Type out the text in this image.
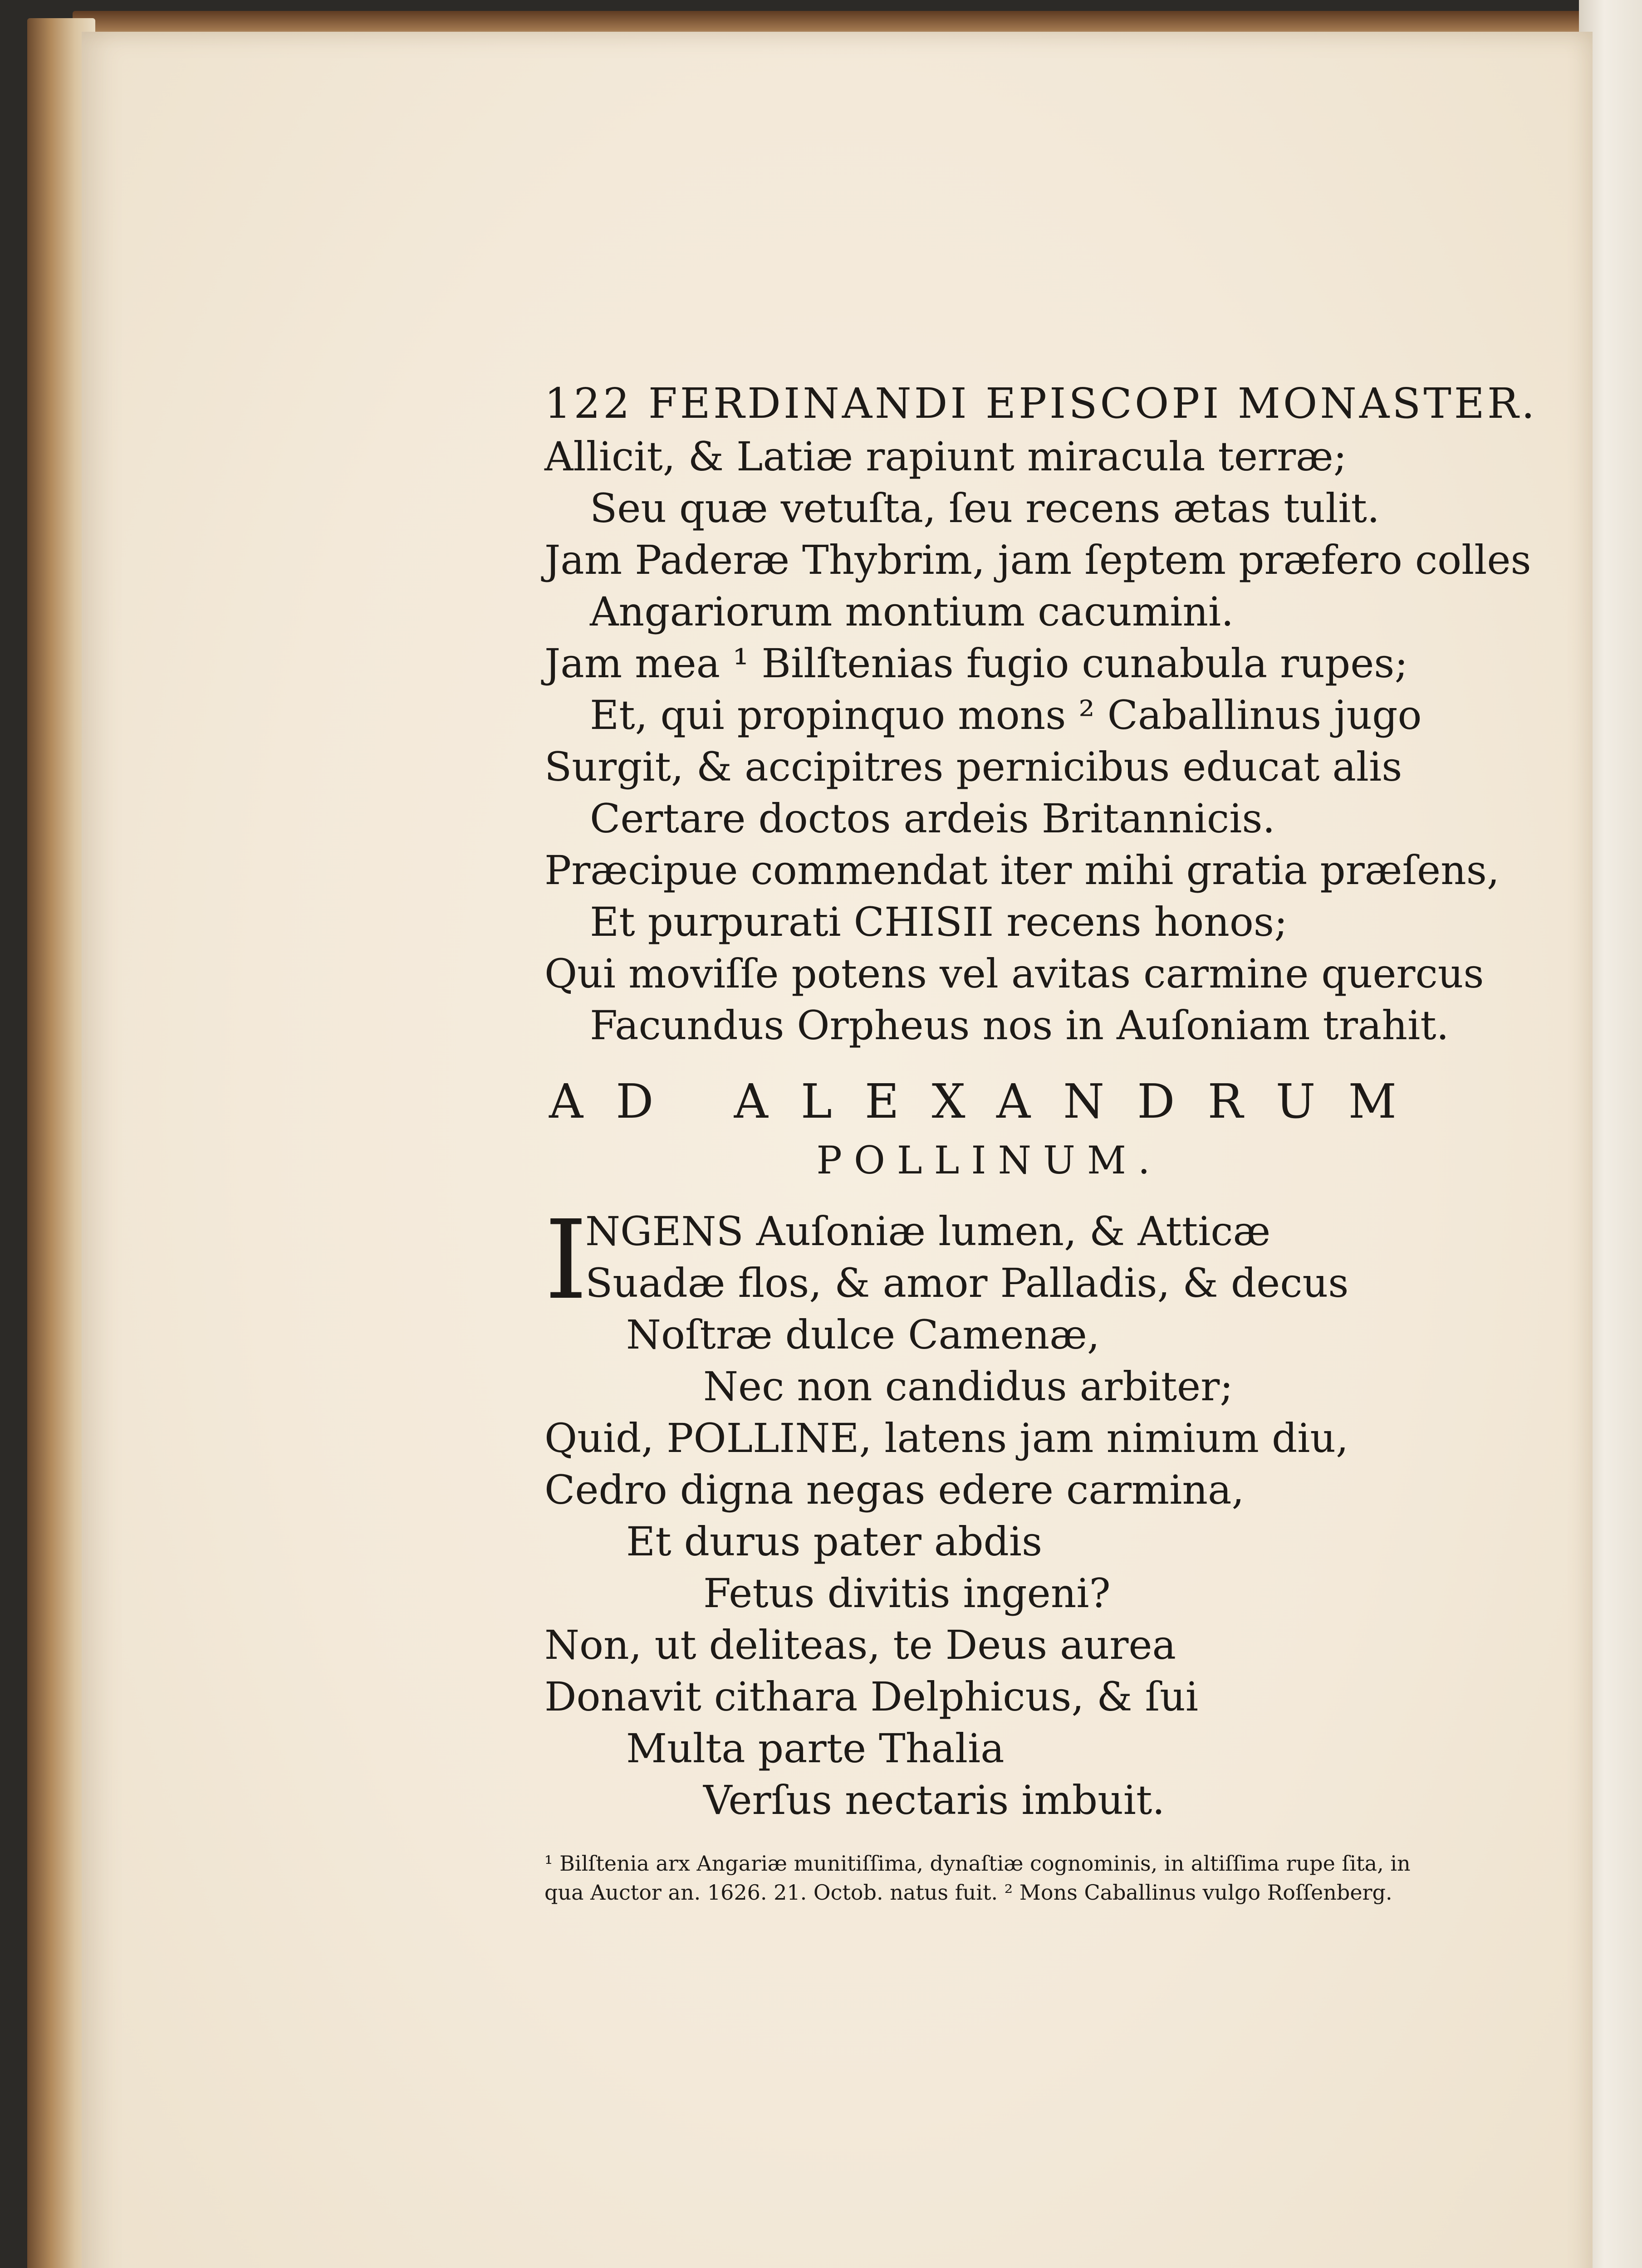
122 FERDINANDI EPISCOPI MONASTER.
Allicit, & Latiæ rapiunt miracula terræ;
Seu quæ vetuſta, ſeu recens ætas tulit.
Jam Paderæ Thybrim, jam ſeptem præfero colles
Angariorum montium cacumini.
Jam mea ¹ Bilſtenias fugio cunabula rupes;
Et, qui propinquo mons ² Caballinus jugo
Surgit, & accipitres pernicibus educat alis
Certare doctos ardeis Britannicis.
Præcipue commendat iter mihi gratia præſens,
Et purpurati CHISII recens honos;
Qui moviſſe potens vel avitas carmine quercus
Facundus Orpheus nos in Auſoniam trahit.
AD ALEXANDRUM
POLLINUM.
I
NGENS Auſoniæ lumen, & Atticæ
Suadæ flos, & amor Palladis, & decus
Noſtræ dulce Camenæ,
Nec non candidus arbiter;
Quid, POLLINE, latens jam nimium diu,
Cedro digna negas edere carmina,
Et durus pater abdis
Fetus divitis ingeni?
Non, ut deliteas, te Deus aurea
Donavit cithara Delphicus, & ſui
Multa parte Thalia
Verſus nectaris imbuit.
¹ Bilſtenia arx Angariæ munitiſſima, dynaſtiæ cognominis, in altiſſima rupe ſita, in
qua Auctor an. 1626. 21. Octob. natus fuit. ² Mons Caballinus vulgo Roſſenberg.
